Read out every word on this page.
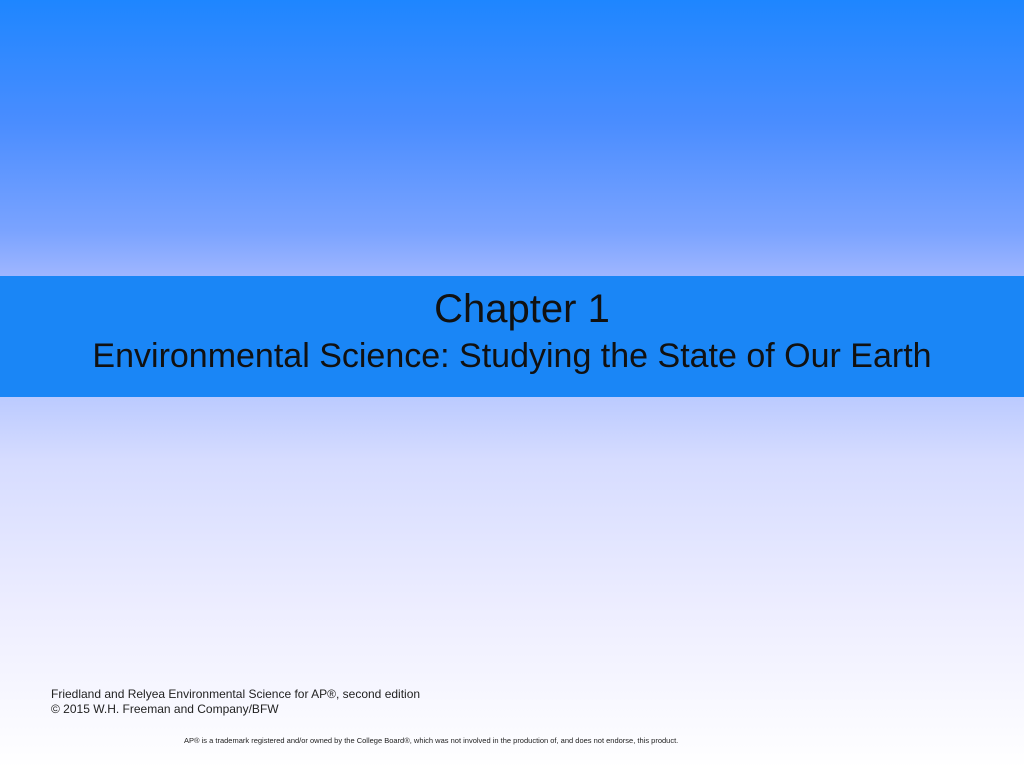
Chapter 1
Environmental Science: Studying the State of Our Earth
Friedland and Relyea Environmental Science for AP®, second edition
© 2015 W.H. Freeman and Company/BFW
AP® is a trademark registered and/or owned by the College Board®, which was not involved in the production of, and does not endorse, this product.
